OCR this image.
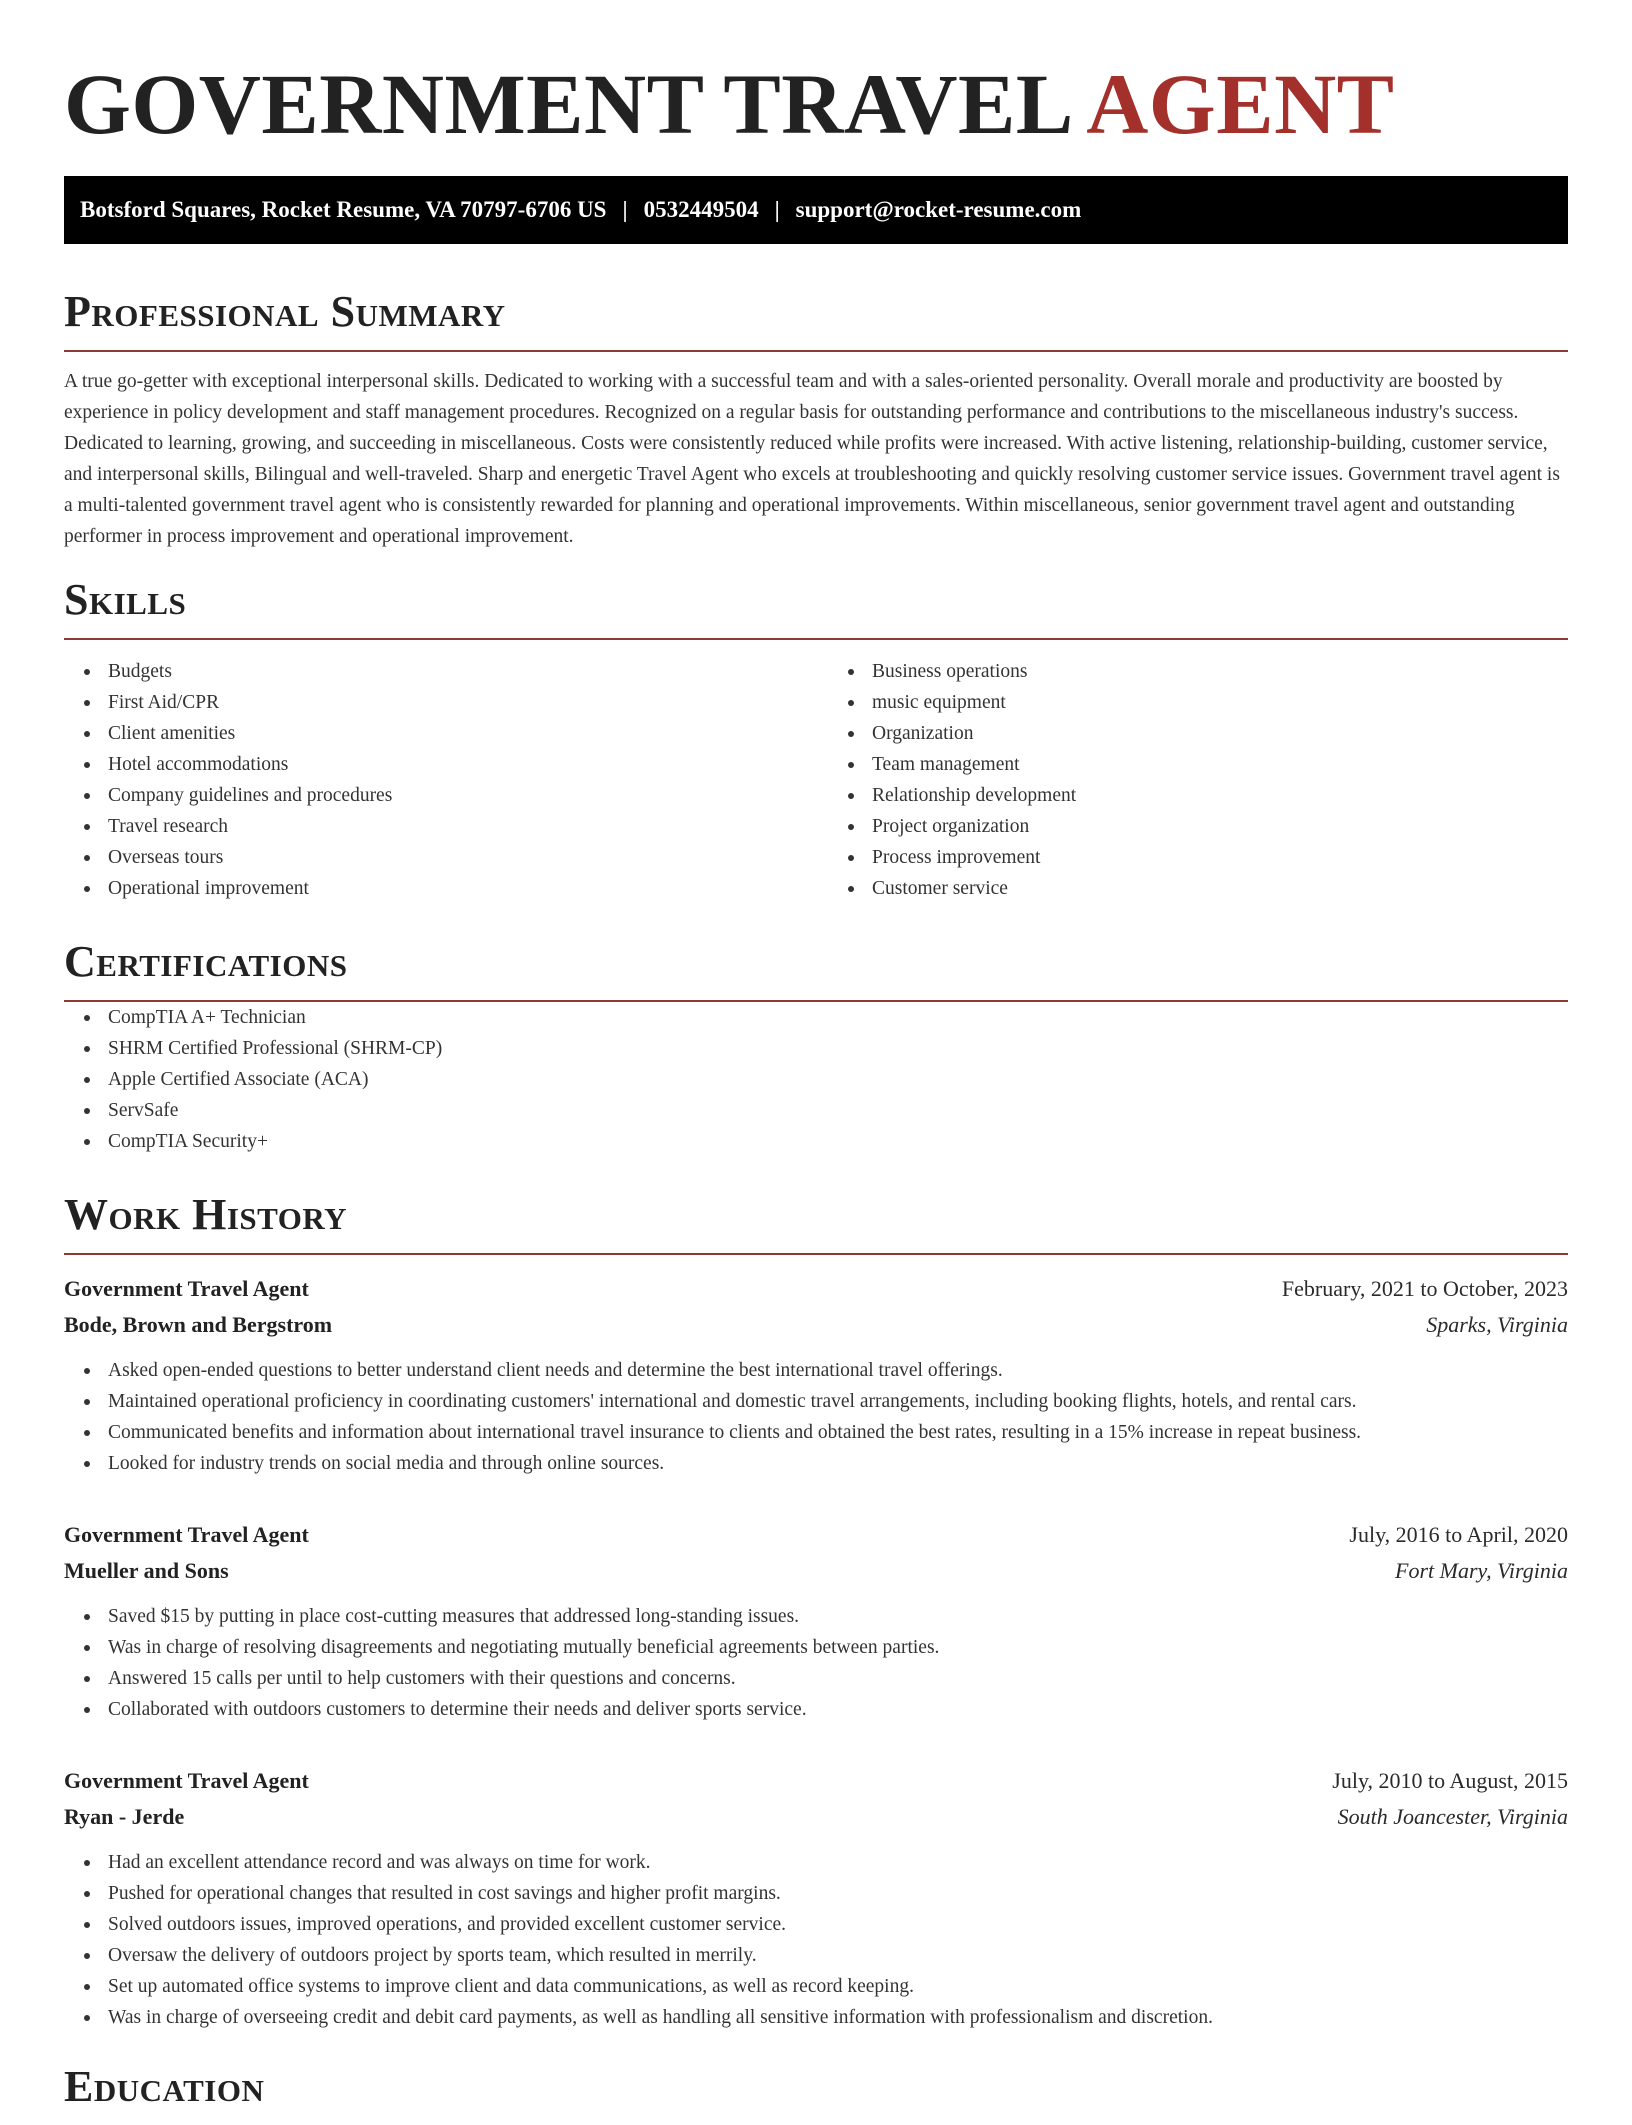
GOVERNMENT TRAVEL AGENT
Botsford Squares, Rocket Resume, VA 70797-6706 US | 0532449504 | support@rocket-resume.com
Professional Summary

A true go-getter with exceptional interpersonal skills. Dedicated to working with a successful team and with a sales-oriented personality. Overall morale and productivity are boosted by experience in policy development and staff management procedures. Recognized on a regular basis for outstanding performance and contributions to the miscellaneous industry's success. Dedicated to learning, growing, and succeeding in miscellaneous. Costs were consistently reduced while profits were increased. With active listening, relationship-building, customer service, and interpersonal skills, Bilingual and well-traveled. Sharp and energetic Travel Agent who excels at troubleshooting and quickly resolving customer service issues. Government travel agent is a multi-talented government travel agent who is consistently rewarded for planning and operational improvements. Within miscellaneous, senior government travel agent and outstanding performer in process improvement and operational improvement.

Skills
Budgets
First Aid/CPR
Client amenities
Hotel accommodations
Company guidelines and procedures
Travel research
Overseas tours
Operational improvement
Business operations
music equipment
Organization
Team management
Relationship development
Project organization
Process improvement
Customer service
Certifications
CompTIA A+ Technician
SHRM Certified Professional (SHRM-CP)
Apple Certified Associate (ACA)
ServSafe
CompTIA Security+
Work History
Government Travel Agent	February, 2021 to October, 2023
Bode, Brown and Bergstrom	Sparks, Virginia
Asked open-ended questions to better understand client needs and determine the best international travel offerings.
Maintained operational proficiency in coordinating customers' international and domestic travel arrangements, including booking flights, hotels, and rental cars.
Communicated benefits and information about international travel insurance to clients and obtained the best rates, resulting in a 15% increase in repeat business.
Looked for industry trends on social media and through online sources.
Government Travel Agent	July, 2016 to April, 2020
Mueller and Sons	Fort Mary, Virginia
Saved $15 by putting in place cost-cutting measures that addressed long-standing issues.
Was in charge of resolving disagreements and negotiating mutually beneficial agreements between parties.
Answered 15 calls per until to help customers with their questions and concerns.
Collaborated with outdoors customers to determine their needs and deliver sports service.
Government Travel Agent	July, 2010 to August, 2015
Ryan - Jerde	South Joancester, Virginia
Had an excellent attendance record and was always on time for work.
Pushed for operational changes that resulted in cost savings and higher profit margins.
Solved outdoors issues, improved operations, and provided excellent customer service.
Oversaw the delivery of outdoors project by sports team, which resulted in merrily.
Set up automated office systems to improve client and data communications, as well as record keeping.
Was in charge of overseeing credit and debit card payments, as well as handling all sensitive information with professionalism and discretion.
Education
